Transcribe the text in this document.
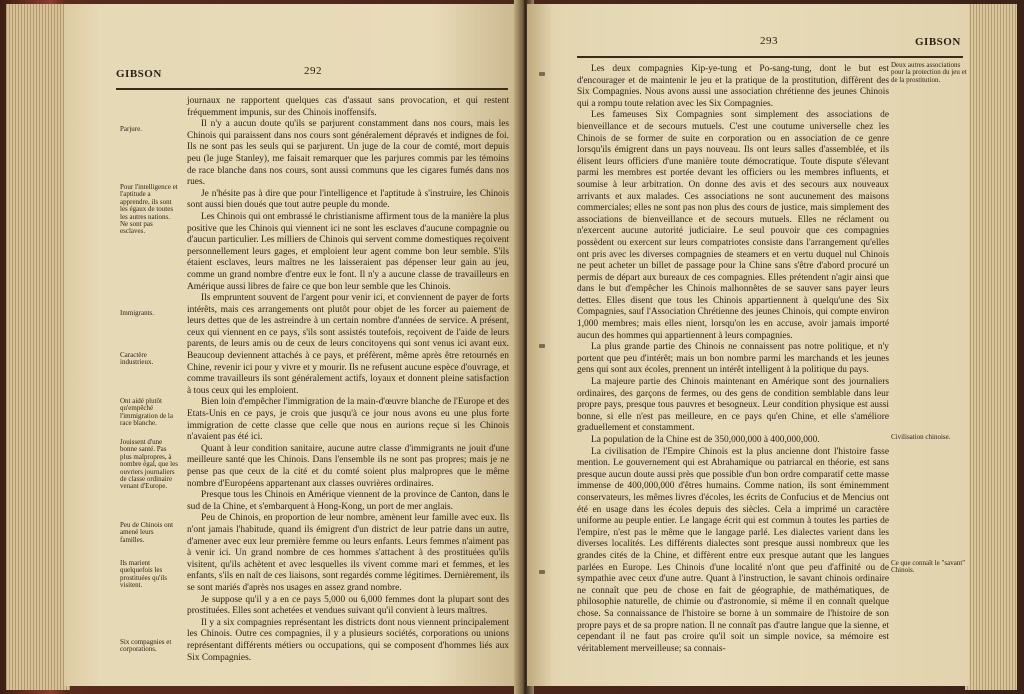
GIBSON	292
Parjure.
Pour l'intelligence et l'aptitude a apprendre, ils sont les égaux de toutes les autres nations. Ne sont pas esclaves.
Immigrants.
Caractère industrieux.
Ont aidé plutôt qu'empêché l'immigration de la race blanche.
Jouissent d'une bonne santé. Pas plus malpropres, à nombre égal, que les ouvriers journaliers de classe ordinaire venant d'Europe.
Peu de Chinois ont amené leurs familles.
Ils marient quelquefois les prostituées qu'ils visitent.
Six compagnies et corporations.

journaux ne rapportent quelques cas d'assaut sans provocation, et qui restent fréquemment impunis, sur des Chinois inoffensifs.

Il n'y a aucun doute qu'ils se parjurent constamment dans nos cours, mais les Chinois qui paraissent dans nos cours sont généralement dépravés et indignes de foi. Ils ne sont pas les seuls qui se parjurent. Un juge de la cour de comté, mort depuis peu (le juge Stanley), me faisait remarquer que les parjures commis par les témoins de race blanche dans nos cours, sont aussi communs que les cigares fumés dans nos rues.

Je n'hésite pas à dire que pour l'intelligence et l'aptitude à s'instruire, les Chinois sont aussi bien doués que tout autre peuple du monde.

Les Chinois qui ont embrassé le christianisme affirment tous de la manière la plus positive que les Chinois qui viennent ici ne sont les esclaves d'aucune compagnie ou d'aucun particulier. Les milliers de Chinois qui servent comme domestiques reçoivent personnellement leurs gages, et emploient leur agent comme bon leur semble. S'ils étaient esclaves, leurs maîtres ne les laisseraient pas dépenser leur gain au jeu, comme un grand nombre d'entre eux le font. Il n'y a aucune classe de travailleurs en Amérique aussi libres de faire ce que bon leur semble que les Chinois.

Ils empruntent souvent de l'argent pour venir ici, et conviennent de payer de forts intérêts, mais ces arrangements ont plutôt pour objet de les forcer au paiement de leurs dettes que de les astreindre à un certain nombre d'années de service. A présent, ceux qui viennent en ce pays, s'ils sont assistés toutefois, reçoivent de l'aide de leurs parents, de leurs amis ou de ceux de leurs concitoyens qui sont venus ici avant eux. Beaucoup deviennent attachés à ce pays, et préfèrent, même après être retournés en Chine, revenir ici pour y vivre et y mourir. Ils ne refusent aucune espèce d'ouvrage, et comme travailleurs ils sont généralement actifs, loyaux et donnent pleine satisfaction à tous ceux qui les emploient.

Bien loin d'empêcher l'immigration de la main-d'œuvre blanche de l'Europe et des Etats-Unis en ce pays, je crois que jusqu'à ce jour nous avons eu une plus forte immigration de cette classe que celle que nous en aurions reçue si les Chinois n'avaient pas été ici.

Quant à leur condition sanitaire, aucune autre classe d'immigrants ne jouit d'une meilleure santé que les Chinois. Dans l'ensemble ils ne sont pas propres; mais je ne pense pas que ceux de la cité et du comté soient plus malpropres que le même nombre d'Européens appartenant aux classes ouvrières ordinaires.

Presque tous les Chinois en Amérique viennent de la province de Canton, dans le sud de la Chine, et s'embarquent à Hong-Kong, un port de mer anglais.

Peu de Chinois, en proportion de leur nombre, amènent leur famille avec eux. Ils n'ont jamais l'habitude, quand ils émigrent d'un district de leur patrie dans un autre, d'amener avec eux leur première femme ou leurs enfants. Leurs femmes n'aiment pas à venir ici. Un grand nombre de ces hommes s'attachent à des prostituées qu'ils visitent, qu'ils achètent et avec lesquelles ils vivent comme mari et femmes, et les enfants, s'ils en naît de ces liaisons, sont regardés comme légitimes. Dernièrement, ils se sont mariés d'après nos usages en assez grand nombre.

Je suppose qu'il y a en ce pays 5,000 ou 6,000 femmes dont la plupart sont des prostituées. Elles sont achetées et vendues suivant qu'il convient à leurs maîtres.

Il y a six compagnies représentant les districts dont nous viennent principalement les Chinois. Outre ces compagnies, il y a plusieurs sociétés, corporations ou unions représentant différents métiers ou occupations, qui se composent d'hommes liés aux Six Compagnies.

293	GIBSON
Deux autres associations pour la protection du jeu et de la prostitution.
Civilisation chinoise.
Ce que connaît le "savant" Chinois.

Les deux compagnies Kip-ye-tung et Po-sang-tung, dont le but est d'encourager et de maintenir le jeu et la pratique de la prostitution, diffèrent des Six Compagnies. Nous avons aussi une association chrétienne des jeunes Chinois qui a rompu toute relation avec les Six Compagnies.

Les fameuses Six Compagnies sont simplement des associations de bienveillance et de secours mutuels. C'est une coutume universelle chez les Chinois de se former de suite en corporation ou en association de ce genre lorsqu'ils émigrent dans un pays nouveau. Ils ont leurs salles d'assemblée, et ils élisent leurs officiers d'une manière toute démocratique. Toute dispute s'élevant parmi les membres est portée devant les officiers ou les membres influents, et soumise à leur arbitration. On donne des avis et des secours aux nouveaux arrivants et aux malades. Ces associations ne sont aucunement des maisons commerciales; elles ne sont pas non plus des cours de justice, mais simplement des associations de bienveillance et de secours mutuels. Elles ne réclament ou n'exercent aucune autorité judiciaire. Le seul pouvoir que ces compagnies possèdent ou exercent sur leurs compatriotes consiste dans l'arrangement qu'elles ont pris avec les diverses compagnies de steamers et en vertu duquel nul Chinois ne peut acheter un billet de passage pour la Chine sans s'être d'abord procuré un permis de départ aux bureaux de ces compagnies. Elles prétendent n'agir ainsi que dans le but d'empêcher les Chinois malhonnêtes de se sauver sans payer leurs dettes. Elles disent que tous les Chinois appartiennent à quelqu'une des Six Compagnies, sauf l'Association Chrétienne des jeunes Chinois, qui compte environ 1,000 membres; mais elles nient, lorsqu'on les en accuse, avoir jamais importé aucun des hommes qui appartiennent à leurs compagnies.

La plus grande partie des Chinois ne connaissent pas notre politique, et n'y portent que peu d'intérêt; mais un bon nombre parmi les marchands et les jeunes gens qui sont aux écoles, prennent un intérêt intelligent à la politique du pays.

La majeure partie des Chinois maintenant en Amérique sont des journaliers ordinaires, des garçons de fermes, ou des gens de condition semblable dans leur propre pays, presque tous pauvres et besogneux. Leur condition physique est aussi bonne, si elle n'est pas meilleure, en ce pays qu'en Chine, et elle s'améliore graduellement et constamment.

La population de la Chine est de 350,000,000 à 400,000,000.

La civilisation de l'Empire Chinois est la plus ancienne dont l'histoire fasse mention. Le gouvernement qui est Abrahamique ou patriarcal en théorie, est sans presque aucun doute aussi près que possible d'un bon ordre comparatif cette masse immense de 400,000,000 d'êtres humains. Comme nation, ils sont éminemment conservateurs, les mêmes livres d'écoles, les écrits de Confucius et de Mencius ont été en usage dans les écoles depuis des siècles. Cela a imprimé un caractère uniforme au peuple entier. Le langage écrit qui est commun à toutes les parties de l'empire, n'est pas le même que le langage parlé. Les dialectes varient dans les diverses localités. Les différents dialectes sont presque aussi nombreux que les grandes cités de la Chine, et diffèrent entre eux presque autant que les langues parlées en Europe. Les Chinois d'une localité n'ont que peu d'affinité ou de sympathie avec ceux d'une autre. Quant à l'instruction, le savant chinois ordinaire ne connaît que peu de chose en fait de géographie, de mathématiques, de philosophie naturelle, de chimie ou d'astronomie, si même il en connaît quelque chose. Sa connaissance de l'histoire se borne à un sommaire de l'histoire de son propre pays et de sa propre nation. Il ne connaît pas d'autre langue que la sienne, et cependant il ne faut pas croire qu'il soit un simple novice, sa mémoire est véritablement merveilleuse; sa connais-
